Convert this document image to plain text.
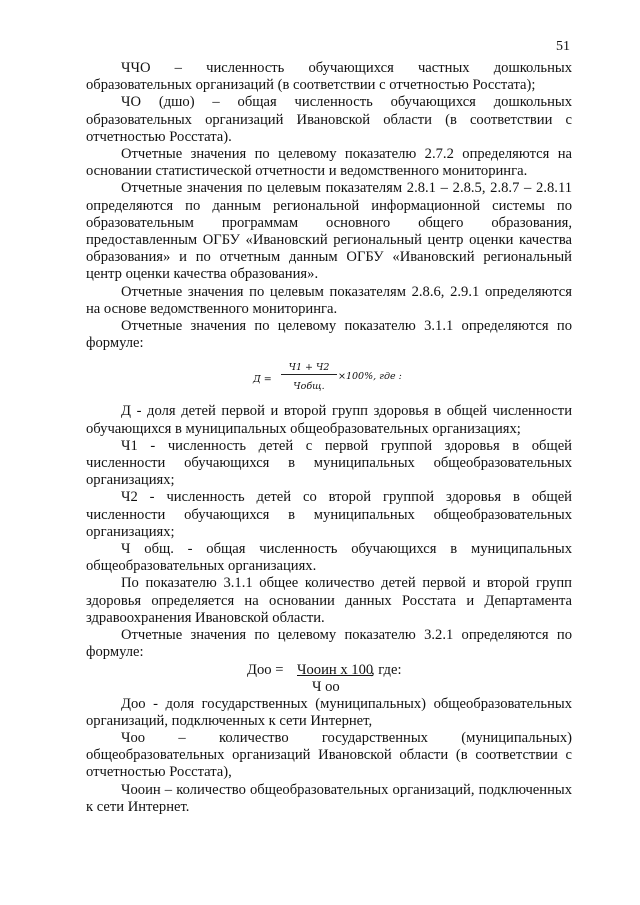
51

ЧЧО – численность обучающихся частных дошкольных образовательных организаций (в соответствии с отчетностью Росстата);

ЧО (дшо) – общая численность обучающихся дошкольных образовательных организаций Ивановской области (в соответствии с отчетностью Росстата).

Отчетные значения по целевому показателю 2.7.2 определяются на основании статистической отчетности и ведомственного мониторинга.

Отчетные значения по целевым показателям 2.8.1 – 2.8.5, 2.8.7 – 2.8.11 определяются по данным региональной информационной системы по образовательным программам основного общего образования, предоставленным ОГБУ «Ивановский региональный центр оценки качества образования» и по отчетным данным ОГБУ «Ивановский региональный центр оценки качества образования».

Отчетные значения по целевым показателям 2.8.6, 2.9.1 определяются на основе ведомственного мониторинга.

Отчетные значения по целевому показателю 3.1.1 определяются по формуле:

Д =
Ч1 + Ч2
Чобщ.
×100%, где :

Д - доля детей первой и второй групп здоровья в общей численности обучающихся в муниципальных общеобразовательных организациях;

Ч1 - численность детей с первой группой здоровья в общей численности обучающихся в муниципальных общеобразовательных организациях;

Ч2 - численность детей со второй группой здоровья в общей численности обучающихся в муниципальных общеобразовательных организациях;

Ч общ. - общая численность обучающихся в муниципальных общеобразовательных организациях.

По показателю 3.1.1 общее количество детей первой и второй групп здоровья определяется на основании данных Росстата и Департамента здравоохранения Ивановской области.

Отчетные значения по целевому показателю 3.2.1 определяются по формуле:

Доо = Чооин х 100
, где:
Ч оо

Доо - доля государственных (муниципальных) общеобразовательных организаций, подключенных к сети Интернет,

Чоо – количество государственных (муниципальных) общеобразовательных организаций Ивановской области (в соответствии с отчетностью Росстата),

Чооин – количество общеобразовательных организаций, подключенных к сети Интернет.
